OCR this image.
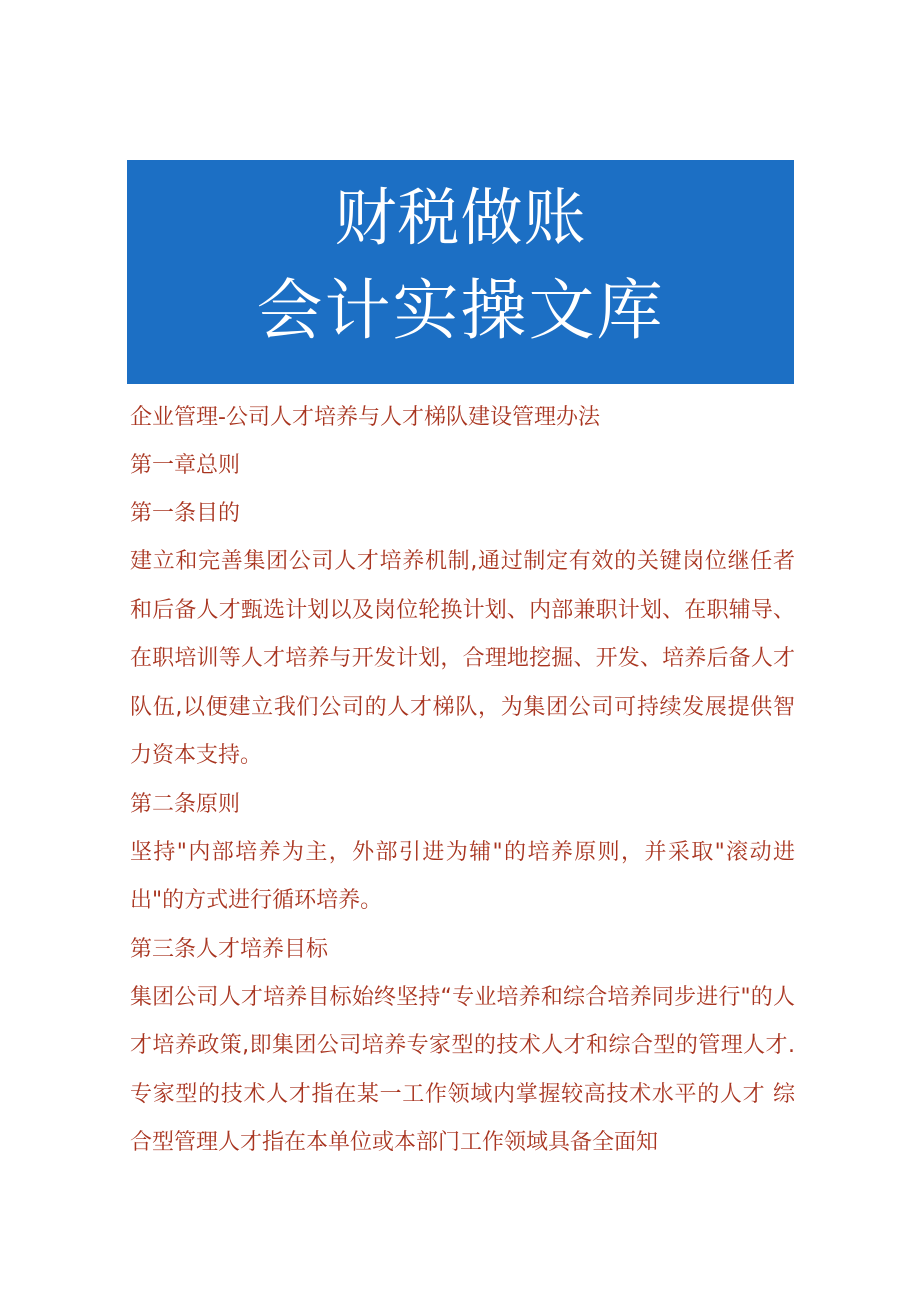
财税做账
会计实操文库
企业管理-公司人才培养与人才梯队建设管理办法
第一章总则
第一条目的
建立和完善集团公司人才培养机制,通过制定有效的关键岗位继任者和后备人才甄选计划以及岗位轮换计划、内部兼职计划、在职辅导、在职培训等人才培养与开发计划，合理地挖掘、开发、培养后备人才队伍,以便建立我们公司的人才梯队，为集团公司可持续发展提供智力资本支持。
第二条原则
坚持"内部培养为主，外部引进为辅"的培养原则，并采取"滚动进 出"的方式进行循环培养。
第三条人才培养目标
集团公司人才培养目标始终坚持“专业培养和综合培养同步进行"的人才培养政策,即集团公司培养专家型的技术人才和综合型的管理人才.专家型的技术人才指在某一工作领域内掌握较高技术水平的人才 综合型管理人才指在本单位或本部门工作领域具备全面知
